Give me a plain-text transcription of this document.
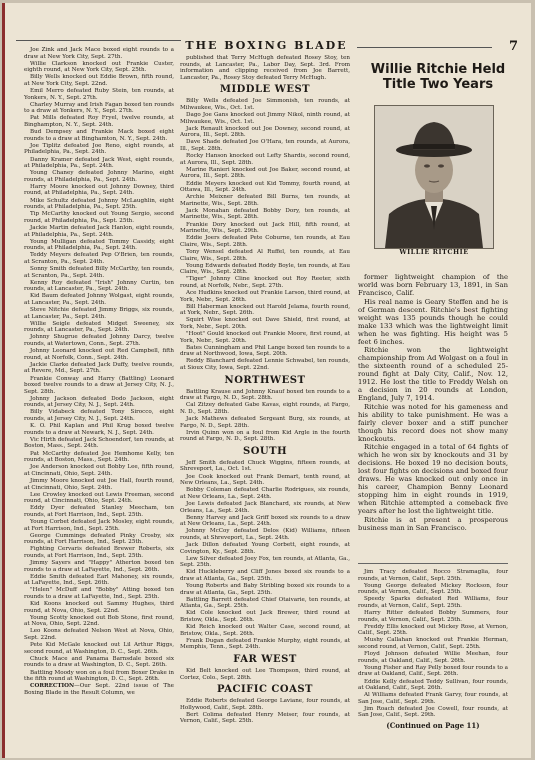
THE BOXING BLADE	7

Joe Zink and Jack Mace boxed eight rounds to a draw at New York City, Sept. 27th.

Willie Clarkson knocked out Frankie Custer, eighth round, at New York City, Sept. 25th.

Billy Wells knocked out Eddie Brown, fifth round, at New York City, Sept. 22nd.

Emil Merro defeated Ruby Stein, ten rounds, at Yonkers, N. Y., Sept. 27th.

Charley Murray and Irish Fagan boxed ten rounds to a draw at Yonkers, N. Y., Sept. 27th.

Pat Mills defeated Roy Fryel, twelve rounds, at Binghampton, N. Y., Sept. 24th.

Bud Dempsey and Frankie Mack boxed eight rounds to a draw at Binghamton, N. Y., Sept. 24th.

Joe Tiplitz defeated Joe Reno, eight rounds, at Philadelphia, Pa., Sept. 24th.

Danny Kramer defeated Jack West, eight rounds, at Philadelphia, Pa., Sept. 24th.

Young Chaney defeated Johnny Marino, eight rounds, at Philadelphia, Pa., Sept. 24th.

Harry Moore knocked out Johnny Downey, third round, at Philadelphia, Pa., Sept. 24th.

Mike Schultz defeated Johnny McLaughlin, eight rounds, at Philadelphia, Pa., Sept. 25th.

Tip McCarthy knocked out Young Sergio, second round, at Philadelphia, Pa., Sept. 25th.

Jackie Martin defeated Jack Hanlon, eight rounds, at Philadelphia, Pa., Sept. 24th.

Young Mulligan defeated Tommy Cassidy, eight rounds, at Philadelphia, Pa., Sept. 24th.

Teddy Meyers defeated Pep O'Brien, ten rounds, at Scranton, Pa., Sept. 24th.

Sonny Smith defeated Billy McCarthy, ten rounds, at Scranton, Pa., Sept. 24th.

Kenny Roy defeated "Irish" Johnny Curtin, ten rounds, at Lancaster, Pa., Sept. 24th.

Kid Baum defeated Johnny Wolgast, eight rounds, at Lancaster, Pa., Sept. 24th.

Steve Nitchie defeated Jimmy Briggs, six rounds, at Lancaster, Pa., Sept. 24th.

Willie Seigle defeated Midget Sweeney, six rounds, at Lancaster, Pa., Sept. 24th.

Johnny Shugrue defeated Johnny Darcy, twelve rounds, at Watertown, Conn., Sept. 27th.

Johnny Leonard knocked out Red Campbell, fifth round, at Norfolk, Conn., Sept. 24th.

Jackie Clarke defeated Jack Duffy, twelve rounds, at Revere, Md., Sept. 27th.

Frankie Conway and Harry (Battling) Leonard boxed twelve rounds to a draw at Jersey City, N. J., Sept. 28th.

Johnny Jackson defeated Dodo Jackson, eight rounds, at Jersey City, N. J., Sept. 24th.

Billy Vidabeck defeated Tony Sirocco, eight rounds, at Jersey City, N. J., Sept. 24th.

K. O. Phil Kaplan and Phil Krug boxed twelve rounds to a draw at Newark, N. J., Sept. 24th.

Vic Hirth defeated Jack Schoendorf, ten rounds, at Boston, Mass., Sept. 24th.

Pat McCarthy defeated Joe Hemhome Kelly, ten rounds, at Boston, Mass., Sept. 24th.

Joe Anderson knocked out Bobby Lee, fifth round, at Cincinnati, Ohio, Sept. 24th.

Jimmy Moore knocked out Joe Hall, fourth round, at Cincinnati, Ohio, Sept. 24th.

Lee Crowley knocked out Lewis Freeman, second round, at Cincinnati, Ohio, Sept. 24th.

Eddy Dyer defeated Stanley Meecham, ten rounds, at Fort Harrison, Ind., Sept. 25th.

Young Corbet defeated Jack Mosley, eight rounds, at Fort Harrison, Ind., Sept. 25th.

George Cummings defeated Pinky Crosby, six rounds, at Fort Harrison, Ind., Sept. 25th.

Fighting Cervaris defeated Brewer Roberts, six rounds, at Fort Harrison, Ind., Sept. 25th.

Jimmy Sayers and "Happy" Atherton boxed ten rounds to a draw at LaFayette, Ind., Sept. 26th.

Eddie Smith defeated Earl Mahoney, six rounds, at LaFayette, Ind., Sept. 26th.

"Helen" McDuff and "Bobby" Atting boxed ten rounds to a draw at LaFayette, Ind., Sept. 25th.

Kid Koons knocked out Sammy Hughes, third round, at Nova, Ohio, Sept. 22nd.

Young Scotty knocked out Bob Stone, first round, at Nova, Ohio, Sept. 22nd.

Leo Koons defeated Nelson West at Nova, Ohio, Sept. 22nd.

Pete Kid McGale knocked out Lil Arthur Riggs, second round, at Washington, D. C., Sept. 26th.

Chuck Mace and Panama Barnsdale boxed six rounds to a draw at Washington, D. C., Sept. 26th.

Battling Moody won on a foul from Boxer Drake in the fifth round at Washington, D. C., Sept. 26th.

CORRECTION—Our Sept. 22nd issue of The Boxing Blade in the Result Column, we

published that Terry McHugh defeated Rosey Stoy, ten rounds, at Lancaster, Pa., Labor Day, Sept. 3rd. From information and clipping received from Joe Barrett, Lancaster, Pa., Rosey Stoy defeated Terry McHugh.

MIDDLE WEST

Billy Wells defeated Joe Simmonish, ten rounds, at Milwaukee, Wis., Oct. 1st.

Dago Joe Gans knocked out Jimmy Nikol, ninth round, at Milwaukee, Wis., Oct. 1st.

Jack Renault knocked out Joe Downey, second round, at Aurora, Ill., Sept. 28th.

Dave Shade defeated Joe O'Hara, ten rounds, at Aurora, Ill., Sept. 28th.

Rocky Hanson knocked out Lefty Shardis, second round, at Aurora, Ill., Sept. 28th.

Marine Ranieri knocked out Joe Baker, second round, at Aurora, Ill., Sept. 28th.

Eddie Meyers knocked out Kid Tommy, fourth round, at Ottawa, Ill., Sept. 24th.

Archie Meixner defeated Bill Burns, ten rounds, at Marinette, Wis., Sept. 28th.

Jack Monahan defeated Bobby Dory, ten rounds, at Marinette, Wis., Sept. 28th.

Frankie Dory knocked out Jack Hill, fifth round, at Marinette, Wis., Sept. 29th.

Eddie Joers defeated Pete Coburne, ten rounds, at Eau Claire, Wis., Sept. 28th.

Tony Wensel defeated Al Ruffel, ten rounds, at Eau Claire, Wis., Sept. 28th.

Young Edwards defeated Roddy Boyle, ten rounds, at Eau Claire, Wis., Sept. 28th.

"Tiger" Johnny Cline knocked out Roy Reeter, sixth round, at Norfolk, Nebr., Sept. 27th.

Ace Hudkins knocked out Frankie Larson, third round, at York, Nebr., Sept. 26th.

Bill Haberman knocked out Harold Jelama, fourth round, at York, Nebr., Sept. 26th.

Squirt Wise knocked out Dave Shield, first round, at York, Nebr., Sept. 20th.

"Hoot" Gould knocked out Frankie Moore, first round, at York, Nebr., Sept. 20th.

Bates Cunningham and Phil Lange boxed ten rounds to a draw at Northwood, Iowa, Sept. 20th.

Reddy Blanchard defeated Lennie Schwabel, ten rounds, at Sioux City, Iowa, Sept. 22nd.

NORTHWEST

Battling Krause and Johnny Knauf boxed ten rounds to a draw at Fargo, N. D., Sept. 28th.

Cal Zitzey defeated Gabe Kavas, eight rounds, at Fargo, N. D., Sept. 28th.

Jack Mathews defeated Sergeant Burg, six rounds, at Fargo, N. D., Sept. 28th.

Irvin Quinn won on a foul from Kid Argle in the fourth round at Fargo, N. D., Sept. 28th.

SOUTH

Jeff Smith defeated Chuck Wiggins, fifteen rounds, at Shreveport, La., Oct. 1st.

Joe Cook knocked out Frank Demart, tenth round, at New Orleans, La., Sept. 24th.

Bobby Coleman defeated Charlie Rodrigues, six rounds, at New Orleans, La., Sept. 24th.

Joe Lewis defeated Jack Blanchard, six rounds, at New Orleans, La., Sept. 24th.

Benny Harvey and Jack Griff boxed six rounds to a draw at New Orleans, La., Sept. 24th.

Johnny McCoy defeated Delos (Kid) Williams, fifteen rounds, at Shreveport, La., Sept. 24th.

Jack Dillon defeated Young Corbett, eight rounds, at Covington, Ky., Sept. 28th.

Lew Silver defeated Joey Fox, ten rounds, at Atlanta, Ga., Sept. 25th.

Kid Huckleberry and Cliff Jones boxed six rounds to a draw at Atlanta, Ga., Sept. 25th.

Young Roberts and Baby Stribling boxed six rounds to a draw at Atlanta, Ga., Sept. 25th.

Battling Barrett defeated Chief Otaivarie, ten rounds, at Atlanta, Ga., Sept. 25th.

Kid Cole knocked out Jack Brewer, third round at Bristow, Okla., Sept. 26th.

Kid Reich knocked out Walter Case, second round, at Bristow, Okla., Sept. 26th.

Frank Dugan defeated Frankie Murphy, eight rounds, at Memphis, Tenn., Sept. 24th.

FAR WEST

Kid Belt knocked out Lee Thompson, third round, at Cortez, Colo., Sept. 28th.

PACIFIC COAST

Eddie Roberts defeated George Laviane, four rounds, at Hollywood, Calif., Sept. 28th.

Bert Colima defeated Henry Meiser, four rounds, at Vernon, Calif., Sept. 25th.

Willie Ritchie Held Title Two Years
WILLIE RITCHIE

former lightweight champion of the world was born February 13, 1891, in San Francisco, Calif.

His real name is Geary Steffen and he is of German descent. Ritchie's best fighting weight was 135 pounds though he could make 133 which was the lightweight limit when he was fighting. His height was 5 feet 6 inches.

Ritchie won the lightweight championship from Ad Wolgast on a foul in the sixteenth round of a scheduled 25-round fight at Daly City, Calif., Nov. 12, 1912. He lost the title to Freddy Welsh on a decision in 20 rounds at London, England, July 7, 1914.

Ritchie was noted for his gameness and his ability to take punishment. He was a fairly clever boxer and a stiff puncher though his record does not show many knockouts.

Ritchie engaged in a total of 64 fights of which he won six by knockouts and 31 by decisions. He boxed 19 no decision bouts, lost four fights on decisions and boxed four draws. He was knocked out only once in his career, Champion Benny Leonard stopping him in eight rounds in 1919, when Ritchie attempted a comeback five years after he lost the lightweight title.

Ritchie is at present a prosperous business man in San Francisco.

Jim Tracy defeated Rocco Stramaglia, four rounds, at Vernon, Calif., Sept. 25th.

Young George defeated Mickey Rockson, four rounds, at Vernon, Calif., Sept. 25th.

Speedy Sparks defeated Red Williams, four rounds, at Vernon, Calif., Sept. 25th.

Harry Ritter defeated Bobby Summers, four rounds, at Vernon, Calif., Sept. 25th.

Freddy Ellis knocked out Mickey Rose, at Vernon, Calif., Sept. 25th.

Mushy Callahan knocked out Frankie Herman, second round, at Vernon, Calif., Sept. 25th.

Floyd Johnson defeated Willie Meehan, four rounds, at Oakland, Calif., Sept. 26th.

Young Fisher and Ray Pelly boxed four rounds to a draw at Oakland, Calif., Sept. 26th.

Eddie Kelly defeated Teddy Sullivan, four rounds, at Oakland, Calif., Sept. 26th.

Al Williams defeated Frank Garvy, four rounds, at San Jose, Calif., Sept. 29th.

Jim Roach defeated Joe Cowell, four rounds, at San Jose, Calif., Sept. 29th.

(Continued on Page 11)
